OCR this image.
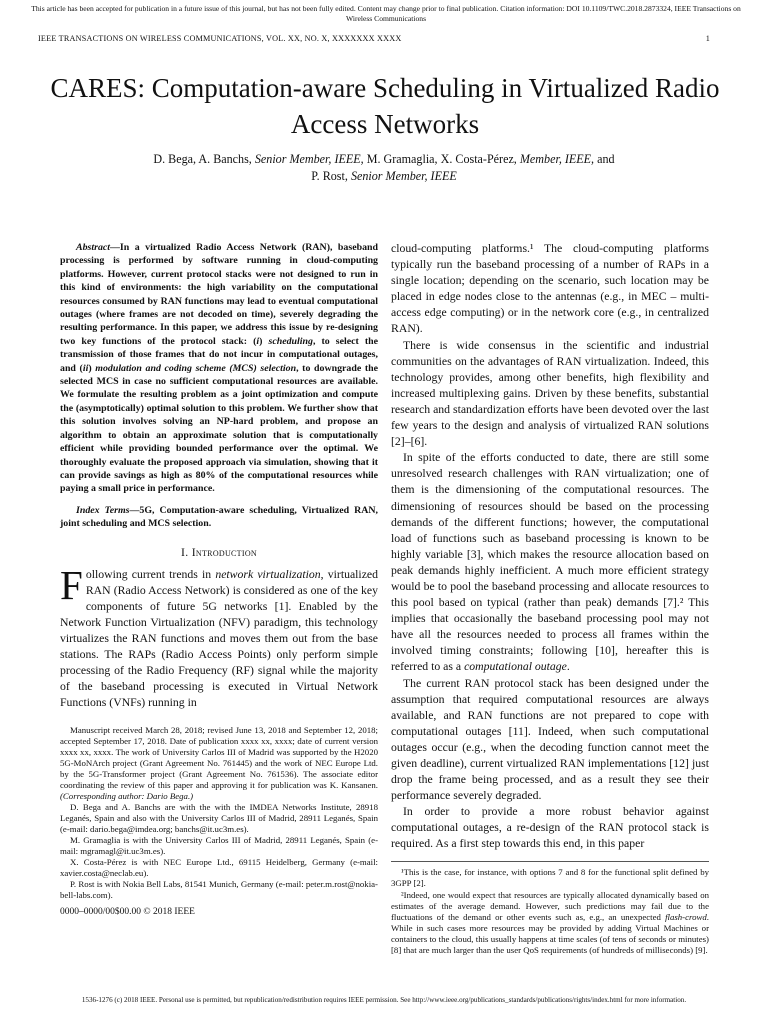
This article has been accepted for publication in a future issue of this journal, but has not been fully edited. Content may change prior to final publication. Citation information: DOI 10.1109/TWC.2018.2873324, IEEE Transactions on Wireless Communications
IEEE TRANSACTIONS ON WIRELESS COMMUNICATIONS, VOL. XX, NO. X, XXXXXXX XXXX	1
CARES: Computation-aware Scheduling in Virtualized Radio Access Networks
D. Bega, A. Banchs, Senior Member, IEEE, M. Gramaglia, X. Costa-Pérez, Member, IEEE, and
P. Rost, Senior Member, IEEE

Abstract—In a virtualized Radio Access Network (RAN), baseband processing is performed by software running in cloud-computing platforms. However, current protocol stacks were not designed to run in this kind of environments: the high variability on the computational resources consumed by RAN functions may lead to eventual computational outages (where frames are not decoded on time), severely degrading the resulting performance. In this paper, we address this issue by re-designing two key functions of the protocol stack: (i) scheduling, to select the transmission of those frames that do not incur in computational outages, and (ii) modulation and coding scheme (MCS) selection, to downgrade the selected MCS in case no sufficient computational resources are available. We formulate the resulting problem as a joint optimization and compute the (asymptotically) optimal solution to this problem. We further show that this solution involves solving an NP-hard problem, and propose an algorithm to obtain an approximate solution that is computationally efficient while providing bounded performance over the optimal. We thoroughly evaluate the proposed approach via simulation, showing that it can provide savings as high as 80% of the computational resources while paying a small price in performance.

Index Terms—5G, Computation-aware scheduling, Virtualized RAN, joint scheduling and MCS selection.

I. Introduction

Following current trends in network virtualization, virtualized RAN (Radio Access Network) is considered as one of the key components of future 5G networks [1]. Enabled by the Network Function Virtualization (NFV) paradigm, this technology virtualizes the RAN functions and moves them out from the base stations. The RAPs (Radio Access Points) only perform simple processing of the Radio Frequency (RF) signal while the majority of the baseband processing is executed in Virtual Network Functions (VNFs) running in

Manuscript received March 28, 2018; revised June 13, 2018 and September 12, 2018; accepted September 17, 2018. Date of publication xxxx xx, xxxx; date of current version xxxx xx, xxxx. The work of University Carlos III of Madrid was supported by the H2020 5G-MoNArch project (Grant Agreement No. 761445) and the work of NEC Europe Ltd. by the 5G-Transformer project (Grant Agreement No. 761536). The associate editor coordinating the review of this paper and approving it for publication was K. Kansanen. (Corresponding author: Dario Bega.)

D. Bega and A. Banchs are with the with the IMDEA Networks Institute, 28918 Leganés, Spain and also with the University Carlos III of Madrid, 28911 Leganés, Spain (e-mail: dario.bega@imdea.org; banchs@it.uc3m.es).

M. Gramaglia is with the University Carlos III of Madrid, 28911 Leganés, Spain (e-mail: mgramagl@it.uc3m.es).

X. Costa-Pérez is with NEC Europe Ltd., 69115 Heidelberg, Germany (e-mail: xavier.costa@neclab.eu).

P. Rost is with Nokia Bell Labs, 81541 Munich, Germany (e-mail: peter.m.rost@nokia-bell-labs.com).

0000–0000/00$00.00 © 2018 IEEE

cloud-computing platforms.¹ The cloud-computing platforms typically run the baseband processing of a number of RAPs in a single location; depending on the scenario, such location may be placed in edge nodes close to the antennas (e.g., in MEC – multi-access edge computing) or in the network core (e.g., in centralized RAN).

There is wide consensus in the scientific and industrial communities on the advantages of RAN virtualization. Indeed, this technology provides, among other benefits, high flexibility and increased multiplexing gains. Driven by these benefits, substantial research and standardization efforts have been devoted over the last few years to the design and analysis of virtualized RAN solutions [2]–[6].

In spite of the efforts conducted to date, there are still some unresolved research challenges with RAN virtualization; one of them is the dimensioning of the computational resources. The dimensioning of resources should be based on the processing demands of the different functions; however, the computational load of functions such as baseband processing is known to be highly variable [3], which makes the resource allocation based on peak demands highly inefficient. A much more efficient strategy would be to pool the baseband processing and allocate resources to this pool based on typical (rather than peak) demands [7].² This implies that occasionally the baseband processing pool may not have all the resources needed to process all frames within the involved timing constraints; following [10], hereafter this is referred to as a computational outage.

The current RAN protocol stack has been designed under the assumption that required computational resources are always available, and RAN functions are not prepared to cope with computational outages [11]. Indeed, when such computational outages occur (e.g., when the decoding function cannot meet the given deadline), current virtualized RAN implementations [12] just drop the frame being processed, and as a result they see their performance severely degraded.

In order to provide a more robust behavior against computational outages, a re-design of the RAN protocol stack is required. As a first step towards this end, in this paper

¹This is the case, for instance, with options 7 and 8 for the functional split defined by 3GPP [2].

²Indeed, one would expect that resources are typically allocated dynamically based on estimates of the average demand. However, such predictions may fail due to the fluctuations of the demand or other events such as, e.g., an unexpected flash-crowd. While in such cases more resources may be provided by adding Virtual Machines or containers to the cloud, this usually happens at time scales (of tens of seconds or minutes) [8] that are much larger than the user QoS requirements (of hundreds of milliseconds) [9].

1536-1276 (c) 2018 IEEE. Personal use is permitted, but republication/redistribution requires IEEE permission. See http://www.ieee.org/publications_standards/publications/rights/index.html for more information.
